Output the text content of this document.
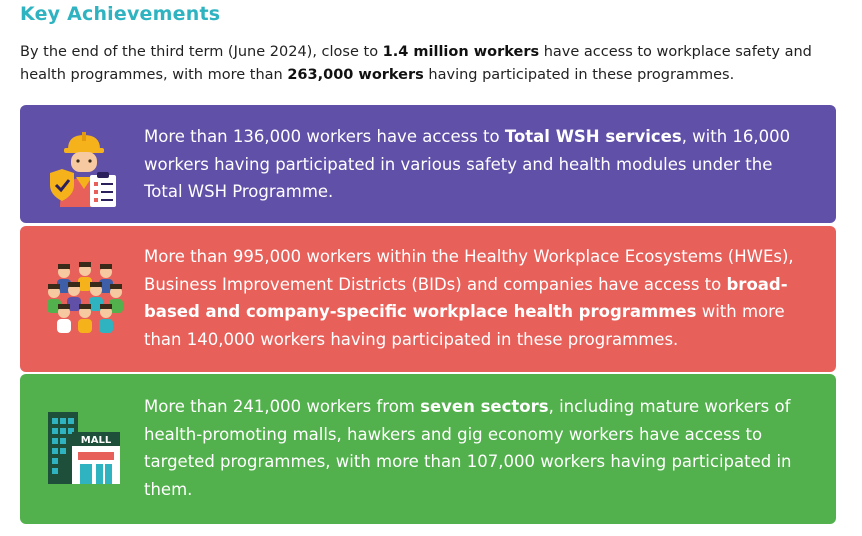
Key Achievements

By the end of the third term (June 2024), close to 1.4 million workers have access to workplace safety and health programmes, with more than 263,000 workers having participated in these programmes.

More than 136,000 workers have access to Total WSH services, with 16,000 workers having participated in various safety and health modules under the Total WSH Programme.

More than 995,000 workers within the Healthy Workplace Ecosystems (HWEs), Business Improvement Districts (BIDs) and companies have access to broad-based and company-specific workplace health programmes with more than 140,000 workers having participated in these programmes.

MALL

More than 241,000 workers from seven sectors, including mature workers of health-promoting malls, hawkers and gig economy workers have access to targeted programmes, with more than 107,000 workers having participated in them.
